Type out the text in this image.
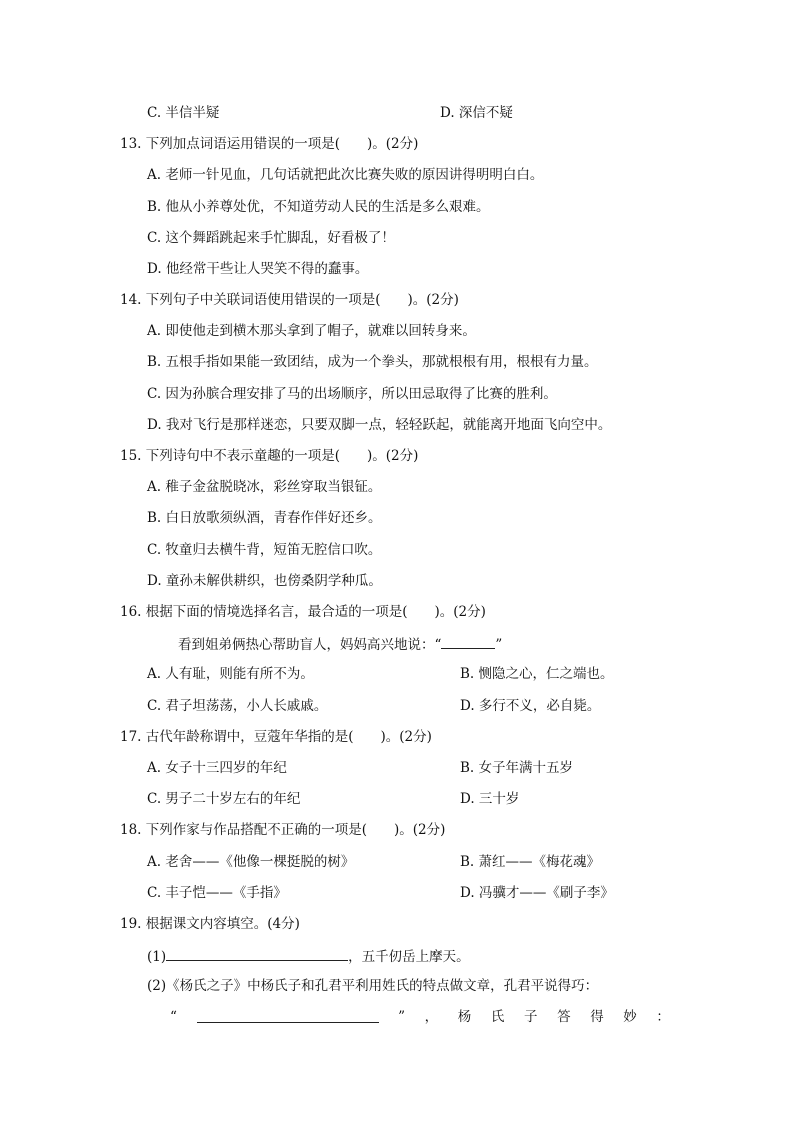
C. 半信半疑	D. 深信不疑
13. 下列加点词语运用错误的一项是(　　)。(2分)
A. 老师一针见血，几句话就把此次比赛失败的原因讲得明明白白。
B. 他从小养尊处优，不知道劳动人民的生活是多么艰难。
C. 这个舞蹈跳起来手忙脚乱，好看极了！
D. 他经常干些让人哭笑不得的蠢事。
14. 下列句子中关联词语使用错误的一项是(　　)。(2分)
A. 即使他走到横木那头拿到了帽子，就难以回转身来。
B. 五根手指如果能一致团结，成为一个拳头，那就根根有用，根根有力量。
C. 因为孙膑合理安排了马的出场顺序，所以田忌取得了比赛的胜利。
D. 我对飞行是那样迷恋，只要双脚一点，轻轻跃起，就能离开地面飞向空中。
15. 下列诗句中不表示童趣的一项是(　　)。(2分)
A. 稚子金盆脱晓冰，彩丝穿取当银钲。
B. 白日放歌须纵酒，青春作伴好还乡。
C. 牧童归去横牛背，短笛无腔信口吹。
D. 童孙未解供耕织，也傍桑阴学种瓜。
16. 根据下面的情境选择名言，最合适的一项是(　　)。(2分)
看到姐弟俩热心帮助盲人，妈妈高兴地说：“	”
A. 人有耻，则能有所不为。	B. 恻隐之心，仁之端也。
C. 君子坦荡荡，小人长戚戚。	D. 多行不义，必自毙。
17. 古代年龄称谓中，豆蔻年华指的是(　　)。(2分)
A. 女子十三四岁的年纪	B. 女子年满十五岁
C. 男子二十岁左右的年纪	D. 三十岁
18. 下列作家与作品搭配不正确的一项是(　　)。(2分)
A. 老舍——《他像一棵挺脱的树》	B. 萧红——《梅花魂》
C. 丰子恺——《手指》	D. 冯骥才——《刷子李》
19. 根据课文内容填空。(4分)
(1)	，五千仞岳上摩天。
(2)《杨氏之子》中杨氏子和孔君平利用姓氏的特点做文章，孔君平说得巧：
“	” ， 杨 氏 子 答 得 妙 ：
